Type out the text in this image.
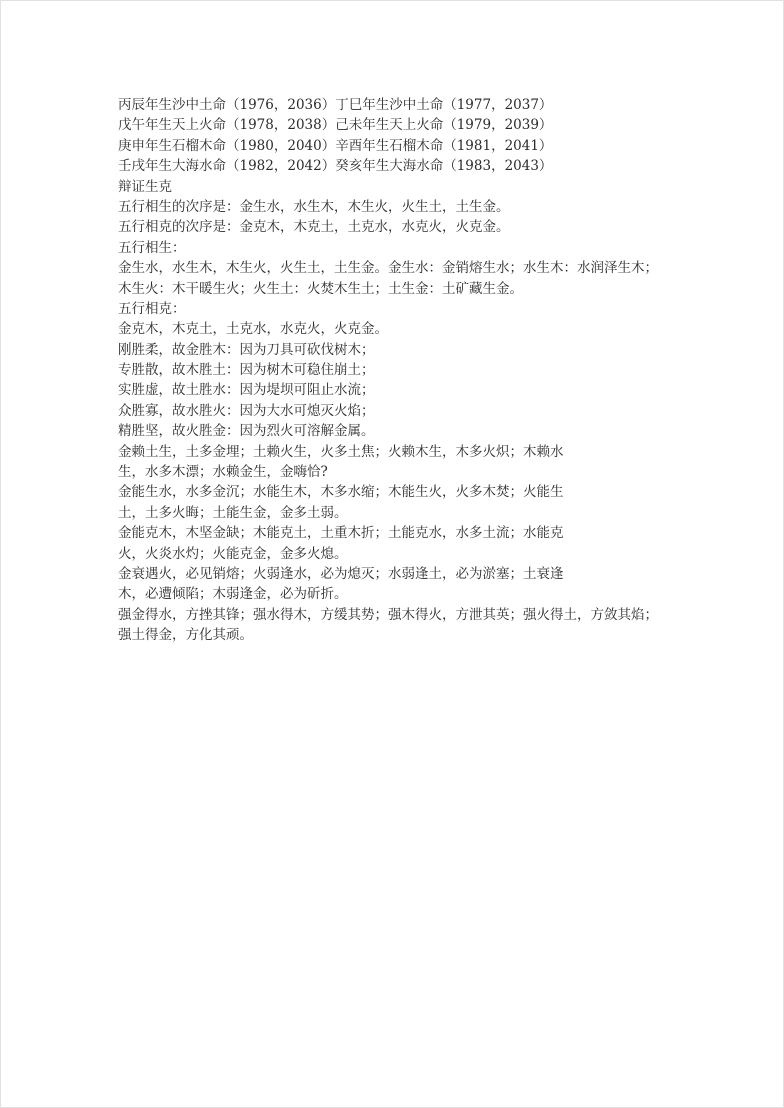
丙辰年生沙中土命（1976，2036）丁巳年生沙中土命（1977，2037）
戊午年生天上火命（1978，2038）己未年生天上火命（1979，2039）
庚申年生石榴木命（1980，2040）辛酉年生石榴木命（1981，2041）
壬戌年生大海水命（1982，2042）癸亥年生大海水命（1983，2043）
辩证生克
五行相生的次序是：金生水，水生木，木生火，火生土，土生金。
五行相克的次序是：金克木，木克土，土克水，水克火，火克金。
五行相生：
金生水，水生木，木生火，火生土，土生金。金生水：金销熔生水；水生木：水润泽生木；
木生火：木干暖生火；火生土：火焚木生土；土生金：土矿藏生金。
五行相克：
金克木，木克土，土克水，水克火，火克金。
刚胜柔，故金胜木：因为刀具可砍伐树木；
专胜散，故木胜土：因为树木可稳住崩土；
实胜虚，故土胜水：因为堤坝可阻止水流；
众胜寡，故水胜火：因为大水可熄灭火焰；
精胜坚，故火胜金：因为烈火可溶解金属。
金赖土生，土多金埋；土赖火生，火多土焦；火赖木生，木多火炽；木赖水
生，水多木漂；水赖金生，金嗨恰?
金能生水，水多金沉；水能生木，木多水缩；木能生火，火多木焚；火能生
土，土多火晦；土能生金，金多土弱。
金能克木，木坚金缺；木能克土，土重木折；土能克水，水多土流；水能克
火，火炎水灼；火能克金，金多火熄。
金衰遇火，必见销熔；火弱逢水，必为熄灭；水弱逢土，必为淤塞；土衰逢
木，必遭倾陷；木弱逢金，必为斫折。
强金得水，方挫其锋；强水得木，方缓其势；强木得火，方泄其英；强火得土，方敛其焰；
强土得金，方化其顽。
